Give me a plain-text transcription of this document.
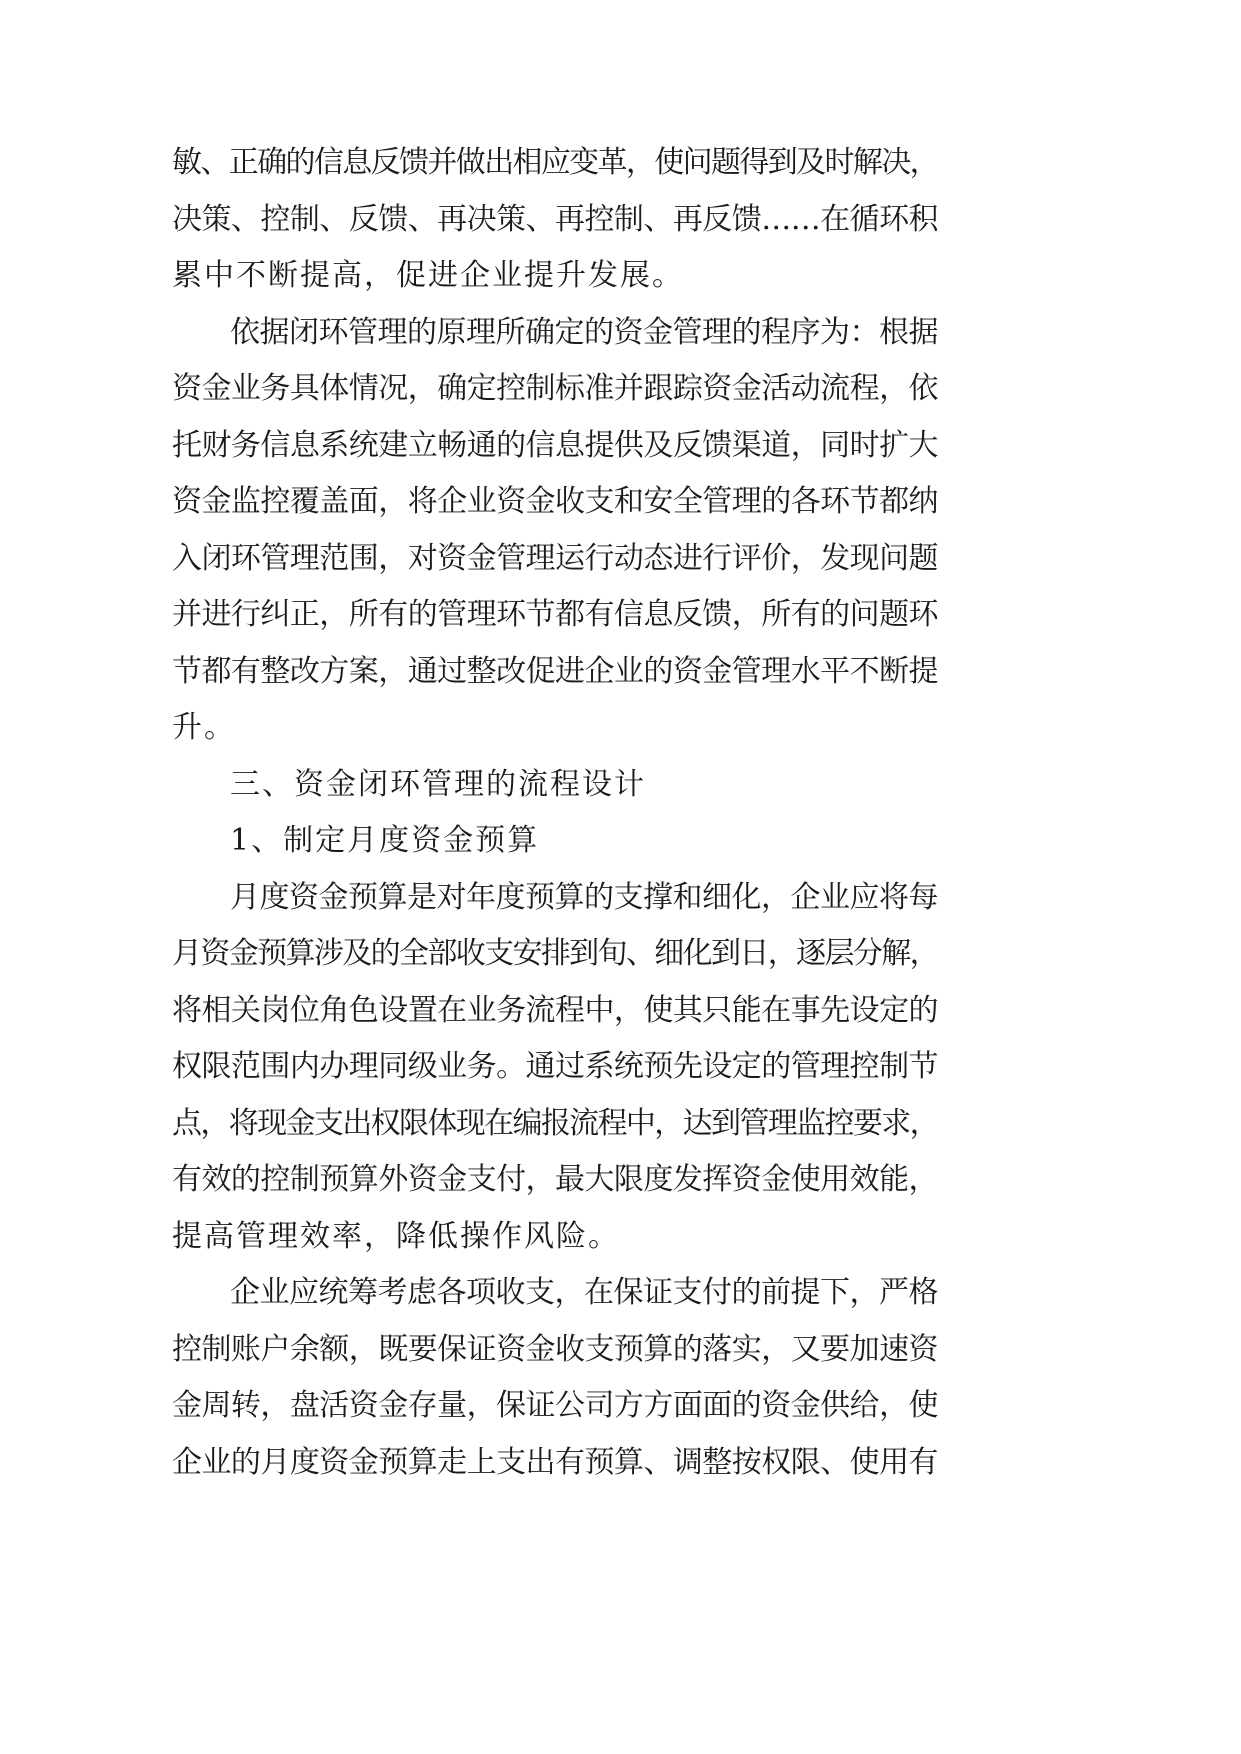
敏、正确的信息反馈并做出相应变革，使问题得到及时解决，
决策、控制、反馈、再决策、再控制、再反馈……在循环积
累中不断提高，促进企业提升发展。
依据闭环管理的原理所确定的资金管理的程序为：根据
资金业务具体情况，确定控制标准并跟踪资金活动流程，依
托财务信息系统建立畅通的信息提供及反馈渠道，同时扩大
资金监控覆盖面，将企业资金收支和安全管理的各环节都纳
入闭环管理范围，对资金管理运行动态进行评价，发现问题
并进行纠正，所有的管理环节都有信息反馈，所有的问题环
节都有整改方案，通过整改促进企业的资金管理水平不断提
升。
三、资金闭环管理的流程设计
1、制定月度资金预算
月度资金预算是对年度预算的支撑和细化，企业应将每
月资金预算涉及的全部收支安排到旬、细化到日，逐层分解，
将相关岗位角色设置在业务流程中，使其只能在事先设定的
权限范围内办理同级业务。通过系统预先设定的管理控制节
点，将现金支出权限体现在编报流程中，达到管理监控要求，
有效的控制预算外资金支付，最大限度发挥资金使用效能，
提高管理效率，降低操作风险。
企业应统筹考虑各项收支，在保证支付的前提下，严格
控制账户余额，既要保证资金收支预算的落实，又要加速资
金周转，盘活资金存量，保证公司方方面面的资金供给，使
企业的月度资金预算走上支出有预算、调整按权限、使用有
